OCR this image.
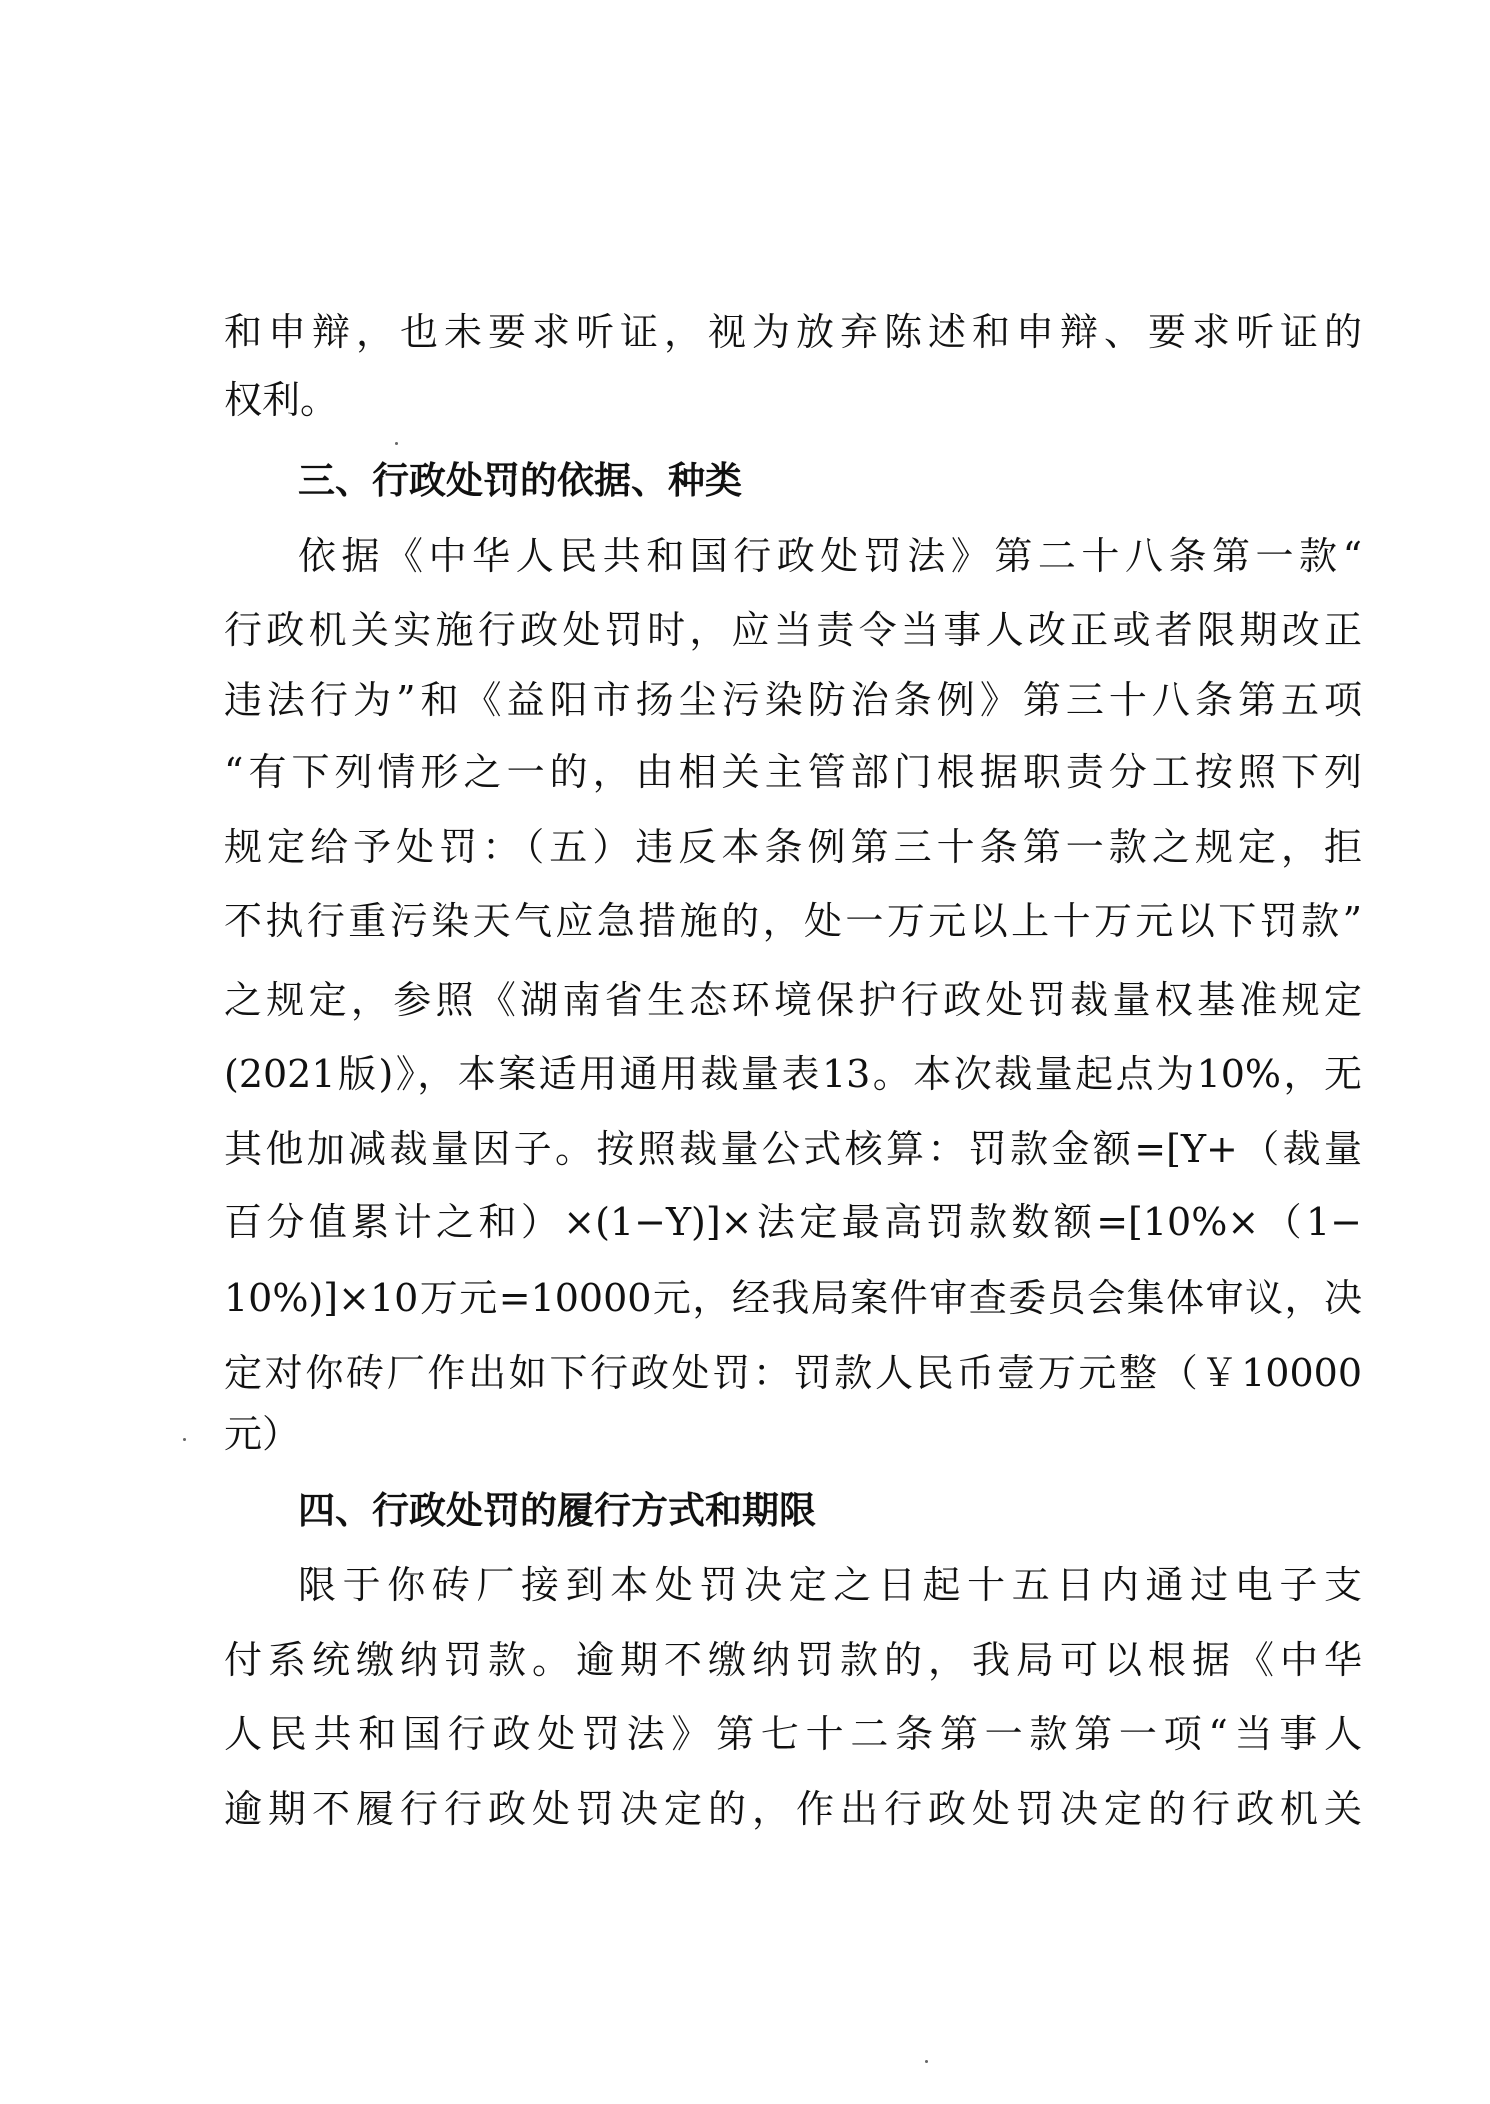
和申辩，也未要求听证，视为放弃陈述和申辩、要求听证的
权利。
三、行政处罚的依据、种类
依据《中华人民共和国行政处罚法》第二十八条第一款“
行政机关实施行政处罚时，应当责令当事人改正或者限期改正
违法行为”和《益阳市扬尘污染防治条例》第三十八条第五项
“有下列情形之一的，由相关主管部门根据职责分工按照下列
规定给予处罚：（五）违反本条例第三十条第一款之规定，拒
不执行重污染天气应急措施的，处一万元以上十万元以下罚款”
之规定，参照《湖南省生态环境保护行政处罚裁量权基准规定
(2021版)》，本案适用通用裁量表13。本次裁量起点为10%，无
其他加减裁量因子。按照裁量公式核算：罚款金额=[Y+（裁量
百分值累计之和）×(1−Y)]×法定最高罚款数额=[10%×（1−
10%)]×10万元=10000元，经我局案件审查委员会集体审议，决
定对你砖厂作出如下行政处罚：罚款人民币壹万元整（￥10000
元）
四、行政处罚的履行方式和期限
限于你砖厂接到本处罚决定之日起十五日内通过电子支
付系统缴纳罚款。逾期不缴纳罚款的，我局可以根据《中华
人民共和国行政处罚法》第七十二条第一款第一项“当事人
逾期不履行行政处罚决定的，作出行政处罚决定的行政机关
